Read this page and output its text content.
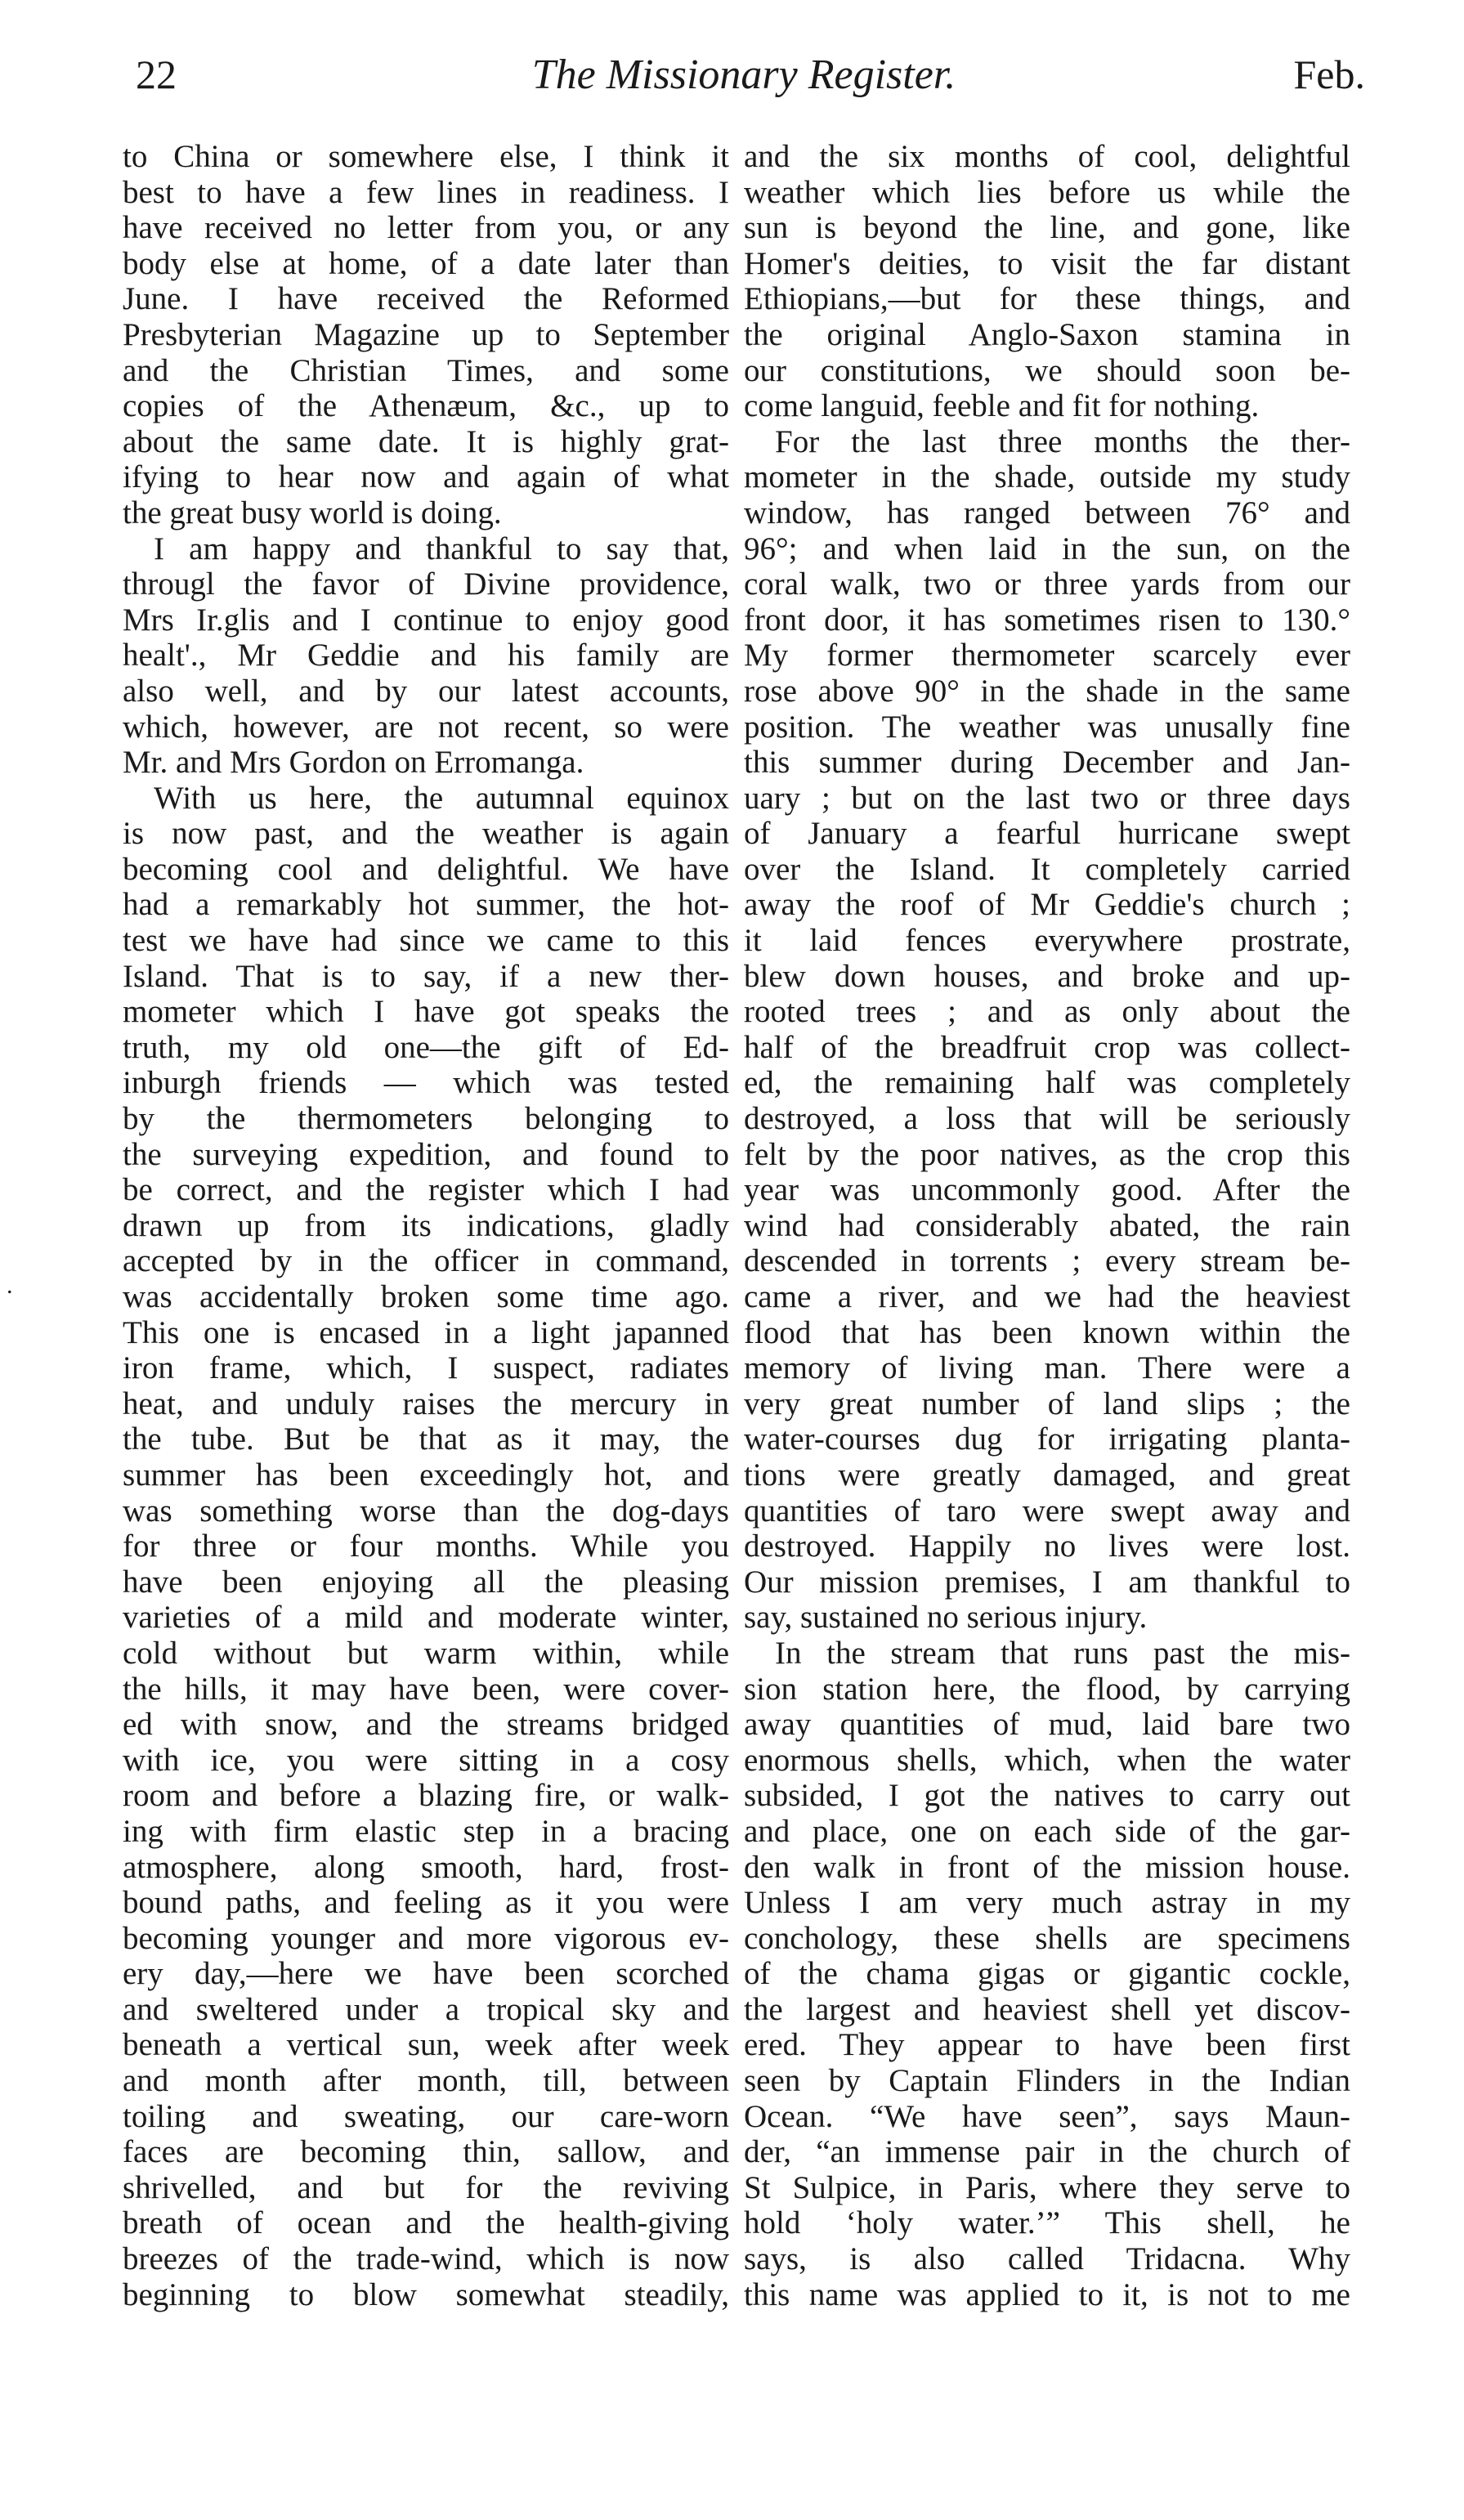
22	The Missionary Register.	Feb.
.
to China or somewhere else, I think it
best to have a few lines in readiness. I
have received no letter from you, or any
body else at home, of a date later than
June. I have received the Reformed
Presbyterian Magazine up to September
and the Christian Times, and some
copies of the Athenæum, &c., up to
about the same date. It is highly grat-
ifying to hear now and again of what
the great busy world is doing.
I am happy and thankful to say that,
througl the favor of Divine providence,
Mrs Ir.glis and I continue to enjoy good
healt'., Mr Geddie and his family are
also well, and by our latest accounts,
which, however, are not recent, so were
Mr. and Mrs Gordon on Erromanga.
With us here, the autumnal equinox
is now past, and the weather is again
becoming cool and delightful. We have
had a remarkably hot summer, the hot-
test we have had since we came to this
Island. That is to say, if a new ther-
mometer which I have got speaks the
truth, my old one—the gift of Ed-
inburgh friends — which was tested
by the thermometers belonging to
the surveying expedition, and found to
be correct, and the register which I had
drawn up from its indications, gladly
accepted by in the officer in command,
was accidentally broken some time ago.
This one is encased in a light japanned
iron frame, which, I suspect, radiates
heat, and unduly raises the mercury in
the tube. But be that as it may, the
summer has been exceedingly hot, and
was something worse than the dog-days
for three or four months. While you
have been enjoying all the pleasing
varieties of a mild and moderate winter,
cold without but warm within, while
the hills, it may have been, were cover-
ed with snow, and the streams bridged
with ice, you were sitting in a cosy
room and before a blazing fire, or walk-
ing with firm elastic step in a bracing
atmosphere, along smooth, hard, frost-
bound paths, and feeling as it you were
becoming younger and more vigorous ev-
ery day,—here we have been scorched
and sweltered under a tropical sky and
beneath a vertical sun, week after week
and month after month, till, between
toiling and sweating, our care-worn
faces are becoming thin, sallow, and
shrivelled, and but for the reviving
breath of ocean and the health-giving
breezes of the trade-wind, which is now
beginning to blow somewhat steadily,
and the six months of cool, delightful
weather which lies before us while the
sun is beyond the line, and gone, like
Homer's deities, to visit the far distant
Ethiopians,—but for these things, and
the original Anglo-Saxon stamina in
our constitutions, we should soon be-
come languid, feeble and fit for nothing.
For the last three months the ther-
mometer in the shade, outside my study
window, has ranged between 76° and
96°; and when laid in the sun, on the
coral walk, two or three yards from our
front door, it has sometimes risen to 130.°
My former thermometer scarcely ever
rose above 90° in the shade in the same
position. The weather was unusally fine
this summer during December and Jan-
uary ; but on the last two or three days
of January a fearful hurricane swept
over the Island. It completely carried
away the roof of Mr Geddie's church ;
it laid fences everywhere prostrate,
blew down houses, and broke and up-
rooted trees ; and as only about the
half of the breadfruit crop was collect-
ed, the remaining half was completely
destroyed, a loss that will be seriously
felt by the poor natives, as the crop this
year was uncommonly good. After the
wind had considerably abated, the rain
descended in torrents ; every stream be-
came a river, and we had the heaviest
flood that has been known within the
memory of living man. There were a
very great number of land slips ; the
water-courses dug for irrigating planta-
tions were greatly damaged, and great
quantities of taro were swept away and
destroyed. Happily no lives were lost.
Our mission premises, I am thankful to
say, sustained no serious injury.
In the stream that runs past the mis-
sion station here, the flood, by carrying
away quantities of mud, laid bare two
enormous shells, which, when the water
subsided, I got the natives to carry out
and place, one on each side of the gar-
den walk in front of the mission house.
Unless I am very much astray in my
conchology, these shells are specimens
of the chama gigas or gigantic cockle,
the largest and heaviest shell yet discov-
ered. They appear to have been first
seen by Captain Flinders in the Indian
Ocean. “We have seen”, says Maun-
der, “an immense pair in the church of
St Sulpice, in Paris, where they serve to
hold ‘holy water.’” This shell, he
says, is also called Tridacna. Why
this name was applied to it, is not to me
